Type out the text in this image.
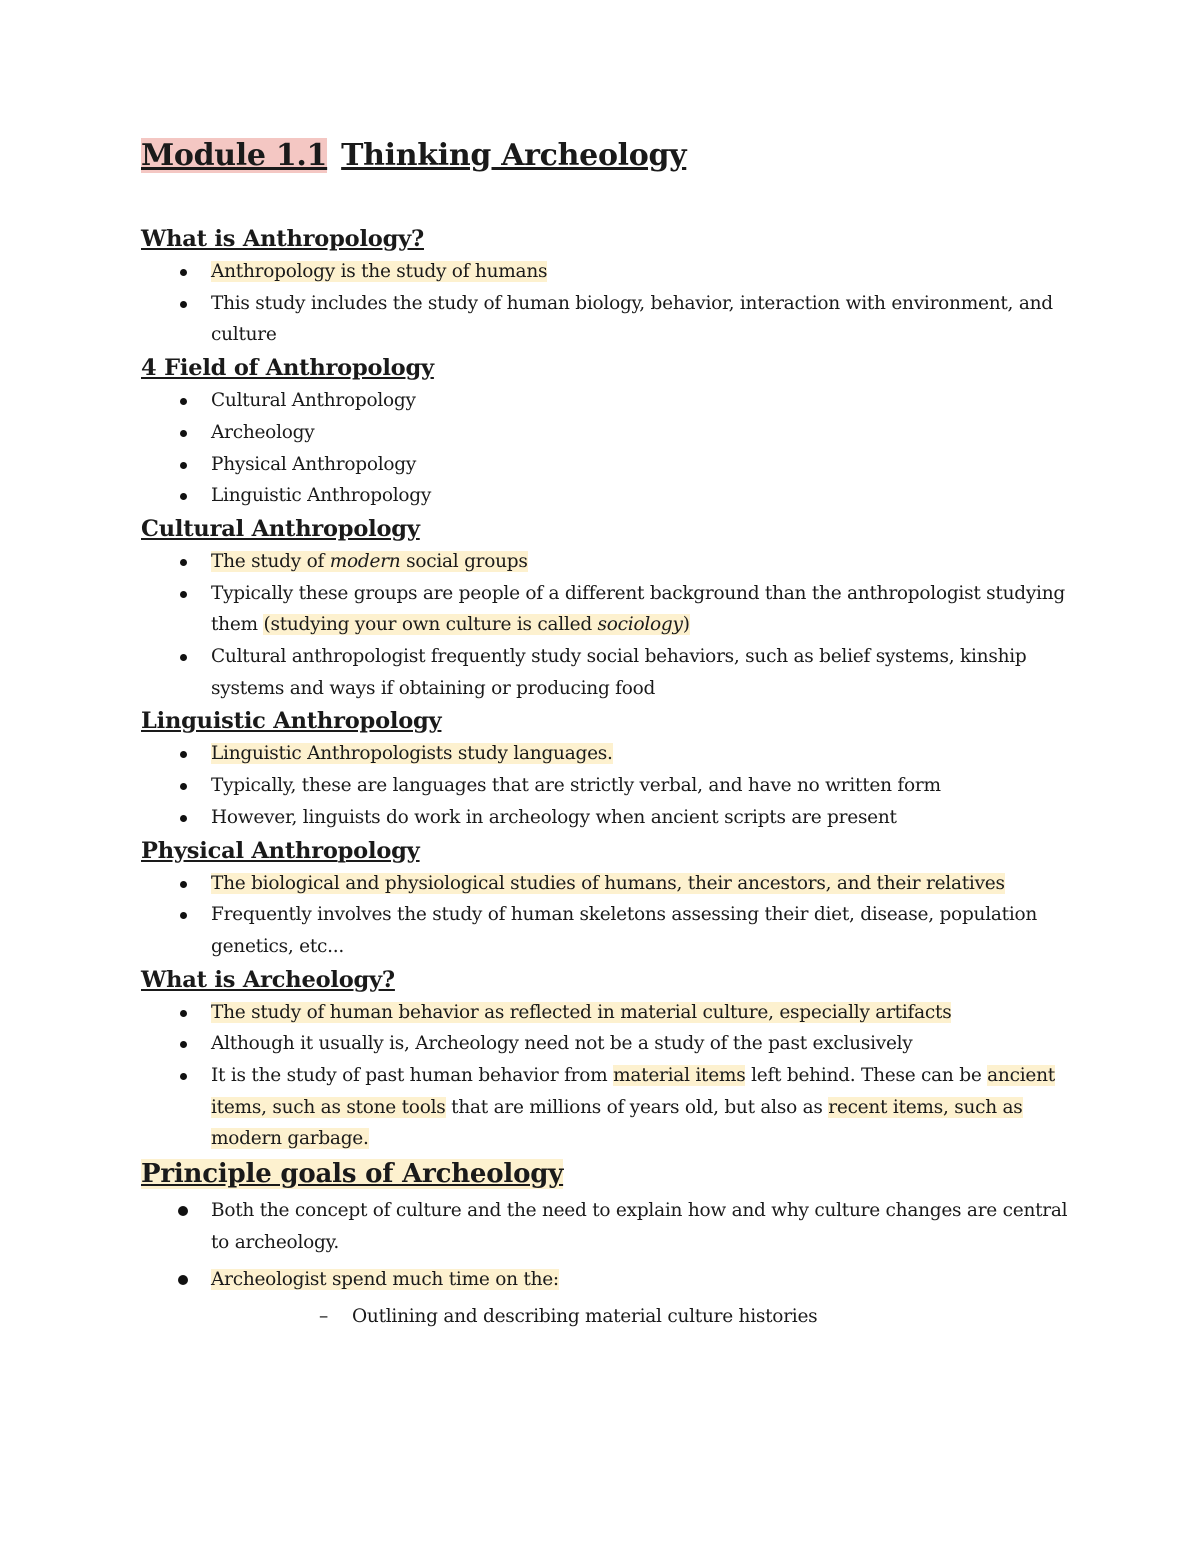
Module 1.1 Thinking Archeology
What is Anthropology?
Anthropology is the study of humans
This study includes the study of human biology, behavior, interaction with environment, and culture
4 Field of Anthropology
Cultural Anthropology
Archeology
Physical Anthropology
Linguistic Anthropology
Cultural Anthropology
The study of modern social groups
Typically these groups are people of a different background than the anthropologist studying them (studying your own culture is called sociology)
Cultural anthropologist frequently study social behaviors, such as belief systems, kinship systems and ways if obtaining or producing food
Linguistic Anthropology
Linguistic Anthropologists study languages.
Typically, these are languages that are strictly verbal, and have no written form
However, linguists do work in archeology when ancient scripts are present
Physical Anthropology
The biological and physiological studies of humans, their ancestors, and their relatives
Frequently involves the study of human skeletons assessing their diet, disease, population genetics, etc...
What is Archeology?
The study of human behavior as reflected in material culture, especially artifacts
Although it usually is, Archeology need not be a study of the past exclusively
It is the study of past human behavior from material items left behind. These can be ancient items, such as stone tools that are millions of years old, but also as recent items, such as modern garbage.
Principle goals of Archeology
Both the concept of culture and the need to explain how and why culture changes are central to archeology.
Archeologist spend much time on the:
– Outlining and describing material culture histories
